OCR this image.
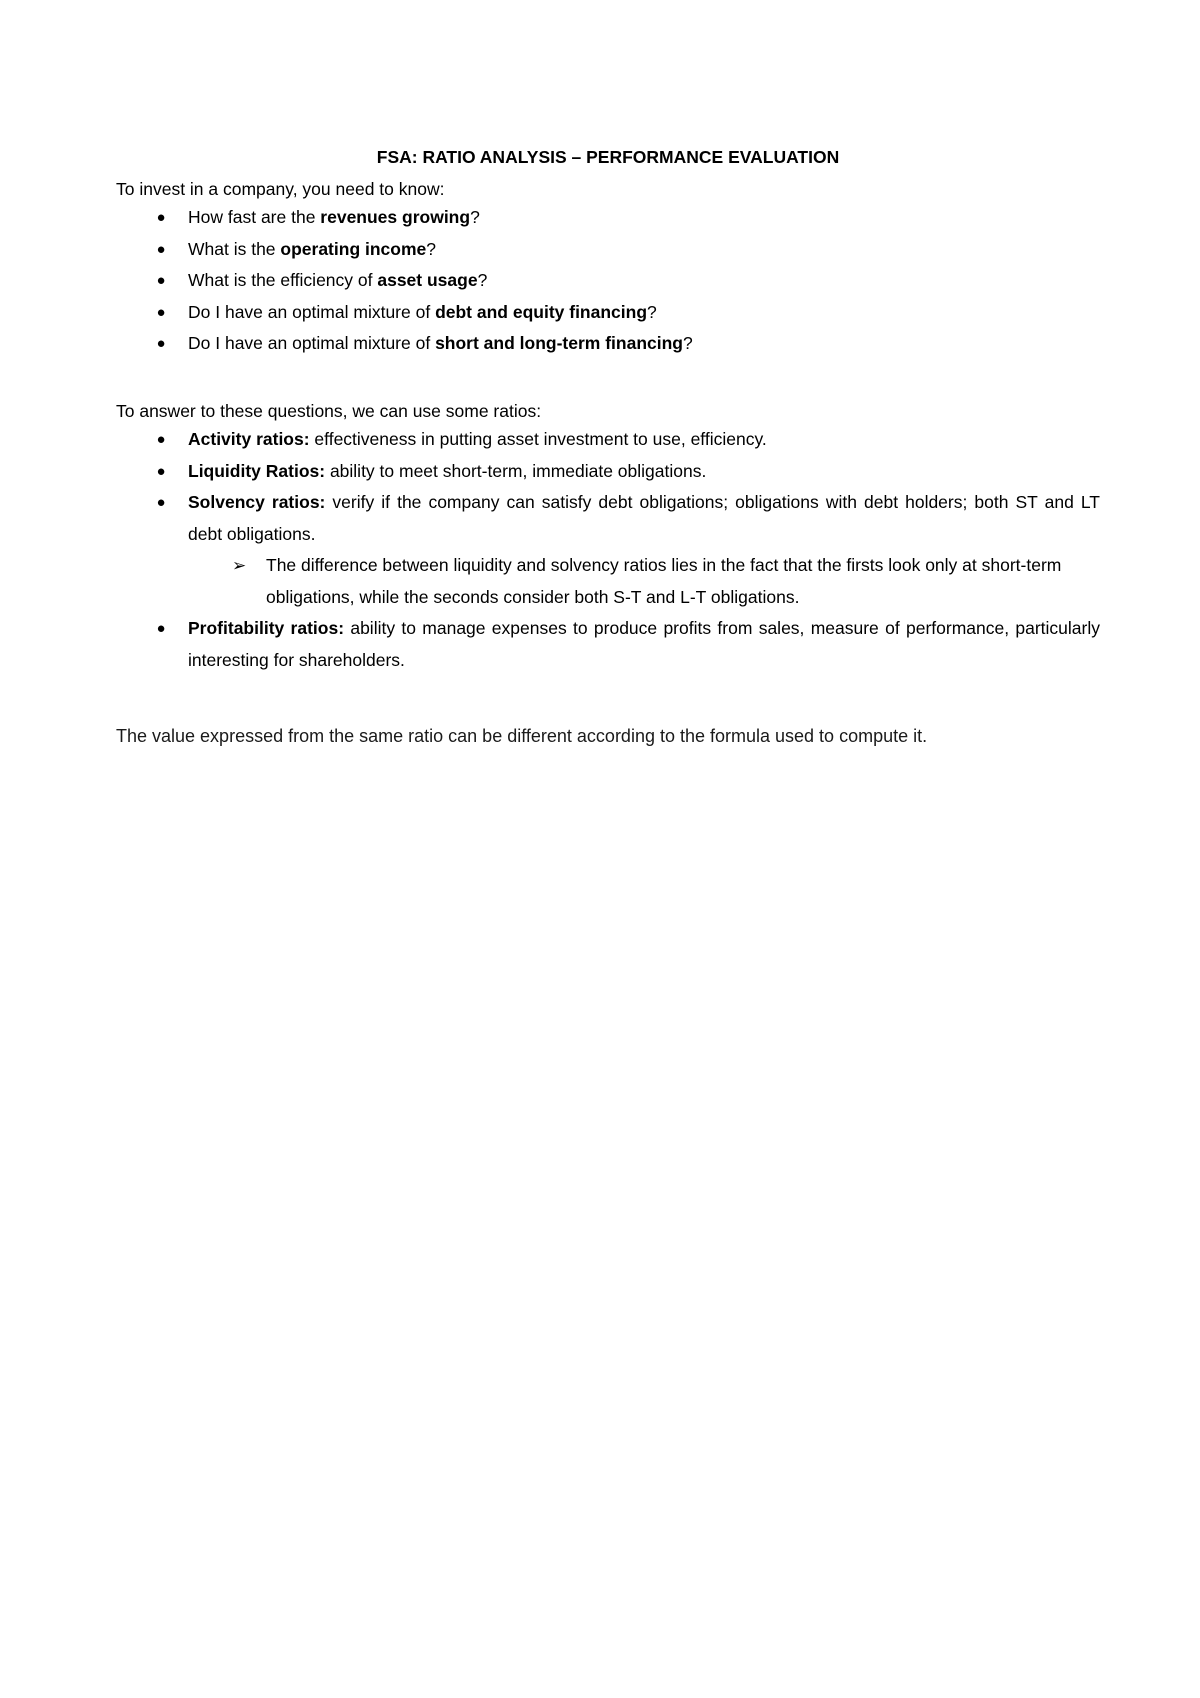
FSA: RATIO ANALYSIS – PERFORMANCE EVALUATION

To invest in a company, you need to know:

● How fast are the revenues growing?
● What is the operating income?
● What is the efficiency of asset usage?
● Do I have an optimal mixture of debt and equity financing?
● Do I have an optimal mixture of short and long-term financing?

To answer to these questions, we can use some ratios:

● Activity ratios: effectiveness in putting asset investment to use, efficiency.
● Liquidity Ratios: ability to meet short-term, immediate obligations.
● Solvency ratios: verify if the company can satisfy debt obligations; obligations with debt holders; both ST and LT debt obligations.
➢ The difference between liquidity and solvency ratios lies in the fact that the firsts look only at short-term obligations, while the seconds consider both S-T and L-T obligations.
● Profitability ratios: ability to manage expenses to produce profits from sales, measure of performance, particularly interesting for shareholders.

The value expressed from the same ratio can be different according to the formula used to compute it.
